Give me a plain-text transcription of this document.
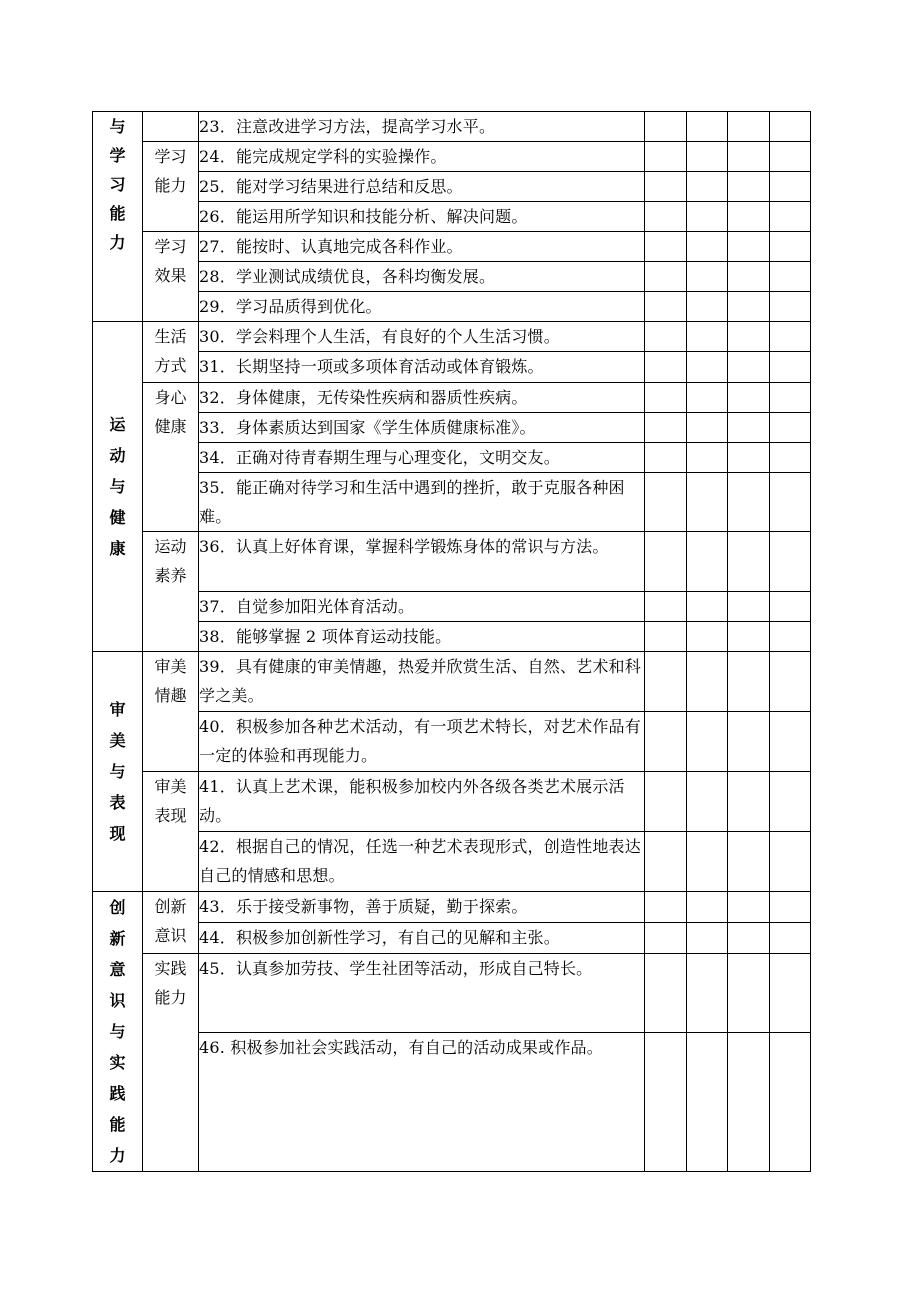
与学习能力		23．注意改进学习方法，提高学习水平。				
	学习能力	24．能完成规定学科的实验操作。				
		25．能对学习结果进行总结和反思。				
		26．能运用所学知识和技能分析、解决问题。				
	学习效果	27．能按时、认真地完成各科作业。				
		28．学业测试成绩优良，各科均衡发展。				
		29．学习品质得到优化。				

运动与健康	生活方式	30．学会料理个人生活，有良好的个人生活习惯。				
		31．长期坚持一项或多项体育活动或体育锻炼。				
	身心健康	32．身体健康，无传染性疾病和器质性疾病。				
		33．身体素质达到国家《学生体质健康标准》。				
		34．正确对待青春期生理与心理变化，文明交友。				
		35．能正确对待学习和生活中遇到的挫折，敢于克服各种困难。				
	运动素养	36．认真上好体育课，掌握科学锻炼身体的常识与方法。				
		37．自觉参加阳光体育活动。				
		38．能够掌握 2 项体育运动技能。				

审美与表现	审美情趣	39．具有健康的审美情趣，热爱并欣赏生活、自然、艺术和科学之美。				
		40．积极参加各种艺术活动，有一项艺术特长，对艺术作品有一定的体验和再现能力。				
	审美表现	41．认真上艺术课，能积极参加校内外各级各类艺术展示活动。				
		42．根据自己的情况，任选一种艺术表现形式，创造性地表达自己的情感和思想。				

创新意识与实践能力	创新意识	43．乐于接受新事物，善于质疑，勤于探索。				
		44．积极参加创新性学习，有自己的见解和主张。				
	实践能力	45．认真参加劳技、学生社团等活动，形成自己特长。				
		46. 积极参加社会实践活动，有自己的活动成果或作品。				
